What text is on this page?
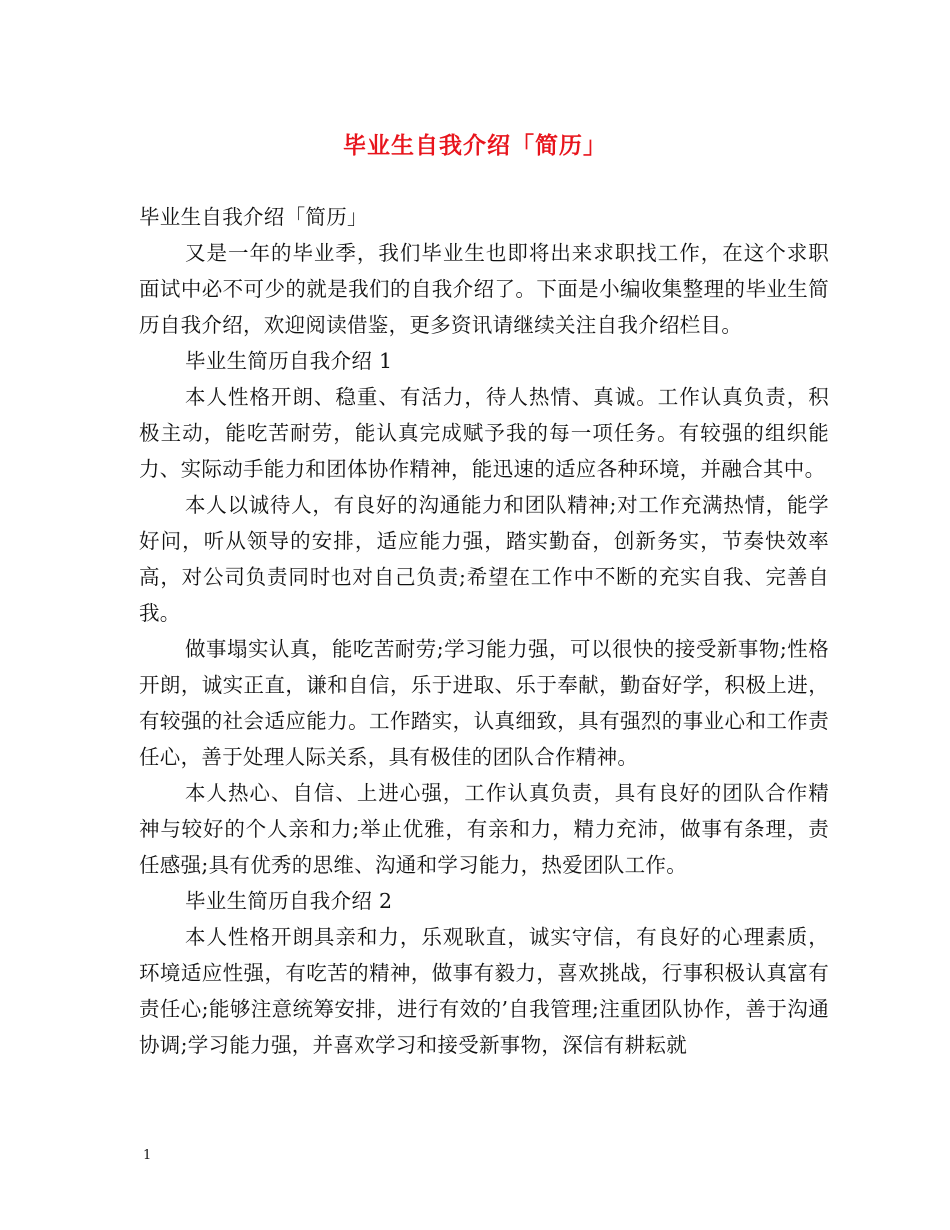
毕业生自我介绍「简历」

毕业生自我介绍「简历」

又是一年的毕业季，我们毕业生也即将出来求职找工作，在这个求职面试中必不可少的就是我们的自我介绍了。下面是小编收集整理的毕业生简历自我介绍，欢迎阅读借鉴，更多资讯请继续关注自我介绍栏目。

毕业生简历自我介绍 1

本人性格开朗、稳重、有活力，待人热情、真诚。工作认真负责，积极主动，能吃苦耐劳，能认真完成赋予我的每一项任务。有较强的组织能力、实际动手能力和团体协作精神，能迅速的适应各种环境，并融合其中。

本人以诚待人，有良好的沟通能力和团队精神;对工作充满热情，能学好问，听从领导的安排，适应能力强，踏实勤奋，创新务实，节奏快效率高，对公司负责同时也对自己负责;希望在工作中不断的充实自我、完善自我。

做事塌实认真，能吃苦耐劳;学习能力强，可以很快的接受新事物;性格开朗，诚实正直，谦和自信，乐于进取、乐于奉献，勤奋好学，积极上进，有较强的社会适应能力。工作踏实，认真细致，具有强烈的事业心和工作责任心，善于处理人际关系，具有极佳的团队合作精神。

本人热心、自信、上进心强，工作认真负责，具有良好的团队合作精神与较好的个人亲和力;举止优雅，有亲和力，精力充沛，做事有条理，责任感强;具有优秀的思维、沟通和学习能力，热爱团队工作。

毕业生简历自我介绍 2

本人性格开朗具亲和力，乐观耿直，诚实守信，有良好的心理素质，环境适应性强，有吃苦的精神，做事有毅力，喜欢挑战，行事积极认真富有责任心;能够注意统筹安排，进行有效的’自我管理;注重团队协作，善于沟通协调;学习能力强，并喜欢学习和接受新事物，深信有耕耘就

1
